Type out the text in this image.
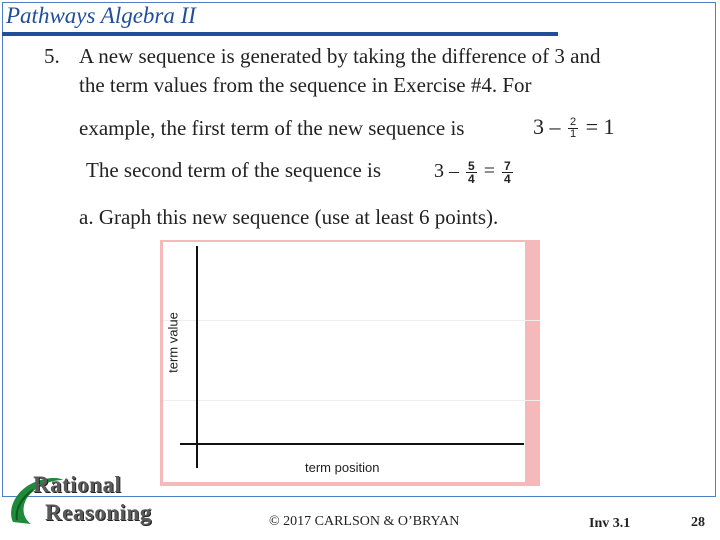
Pathways Algebra II
5. A new sequence is generated by taking the difference of 3 and
the term values from the sequence in Exercise #4. For
example, the first term of the new sequence is	$3 - \frac{2}{1} = 1$
The second term of the sequence is	$3 - \frac{5}{4} = \frac{7}{4}$
a. Graph this new sequence (use at least 6 points).
term value
term position
Rational
Reasoning	© 2017 CARLSON & O’BRYAN	Inv 3.1	28
